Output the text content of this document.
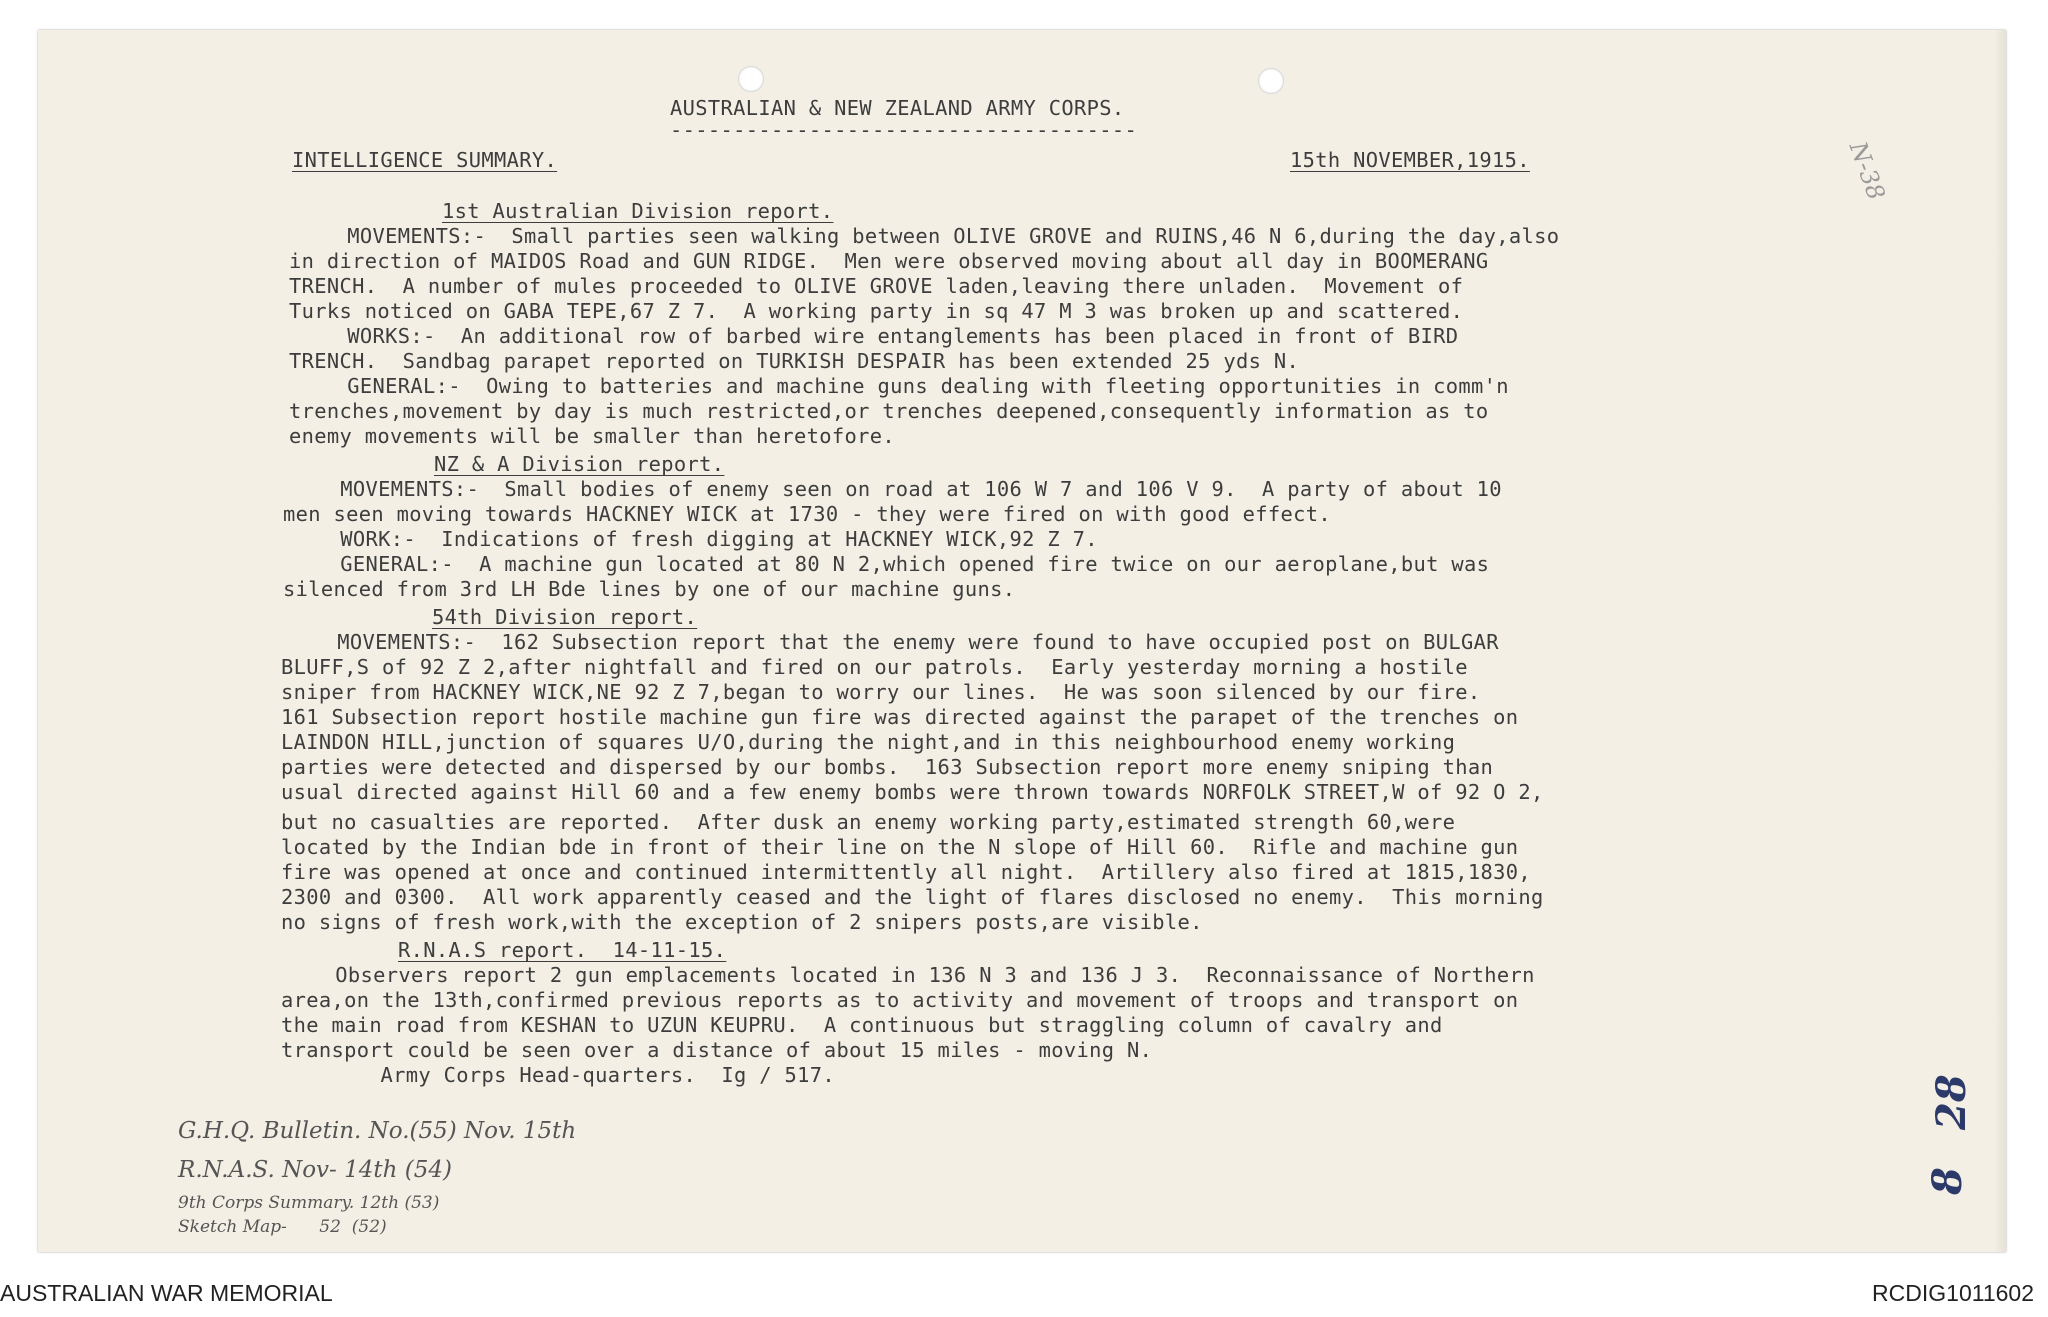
AUSTRALIAN & NEW ZEALAND ARMY CORPS.
-------------------------------------
INTELLIGENCE SUMMARY.	15th NOVEMBER,1915.
1st Australian Division report.
MOVEMENTS:-  Small parties seen walking between OLIVE GROVE and RUINS,46 N 6,during the day,also
in direction of MAIDOS Road and GUN RIDGE.  Men were observed moving about all day in BOOMERANG
TRENCH.  A number of mules proceeded to OLIVE GROVE laden,leaving there unladen.  Movement of
Turks noticed on GABA TEPE,67 Z 7.  A working party in sq 47 M 3 was broken up and scattered.
WORKS:-  An additional row of barbed wire entanglements has been placed in front of BIRD
TRENCH.  Sandbag parapet reported on TURKISH DESPAIR has been extended 25 yds N.
GENERAL:-  Owing to batteries and machine guns dealing with fleeting opportunities in comm'n
trenches,movement by day is much restricted,or trenches deepened,consequently information as to
enemy movements will be smaller than heretofore.
NZ & A Division report.
MOVEMENTS:-  Small bodies of enemy seen on road at 106 W 7 and 106 V 9.  A party of about 10
men seen moving towards HACKNEY WICK at 1730 - they were fired on with good effect.
WORK:-  Indications of fresh digging at HACKNEY WICK,92 Z 7.
GENERAL:-  A machine gun located at 80 N 2,which opened fire twice on our aeroplane,but was
silenced from 3rd LH Bde lines by one of our machine guns.
54th Division report.
MOVEMENTS:-  162 Subsection report that the enemy were found to have occupied post on BULGAR
BLUFF,S of 92 Z 2,after nightfall and fired on our patrols.  Early yesterday morning a hostile
sniper from HACKNEY WICK,NE 92 Z 7,began to worry our lines.  He was soon silenced by our fire.
161 Subsection report hostile machine gun fire was directed against the parapet of the trenches on
LAINDON HILL,junction of squares U/O,during the night,and in this neighbourhood enemy working
parties were detected and dispersed by our bombs.  163 Subsection report more enemy sniping than
usual directed against Hill 60 and a few enemy bombs were thrown towards NORFOLK STREET,W of 92 O 2,
but no casualties are reported.  After dusk an enemy working party,estimated strength 60,were
located by the Indian bde in front of their line on the N slope of Hill 60.  Rifle and machine gun
fire was opened at once and continued intermittently all night.  Artillery also fired at 1815,1830,
2300 and 0300.  All work apparently ceased and the light of flares disclosed no enemy.  This morning
no signs of fresh work,with the exception of 2 snipers posts,are visible.
R.N.A.S report.  14-11-15.
Observers report 2 gun emplacements located in 136 N 3 and 136 J 3.  Reconnaissance of Northern
area,on the 13th,confirmed previous reports as to activity and movement of troops and transport on
the main road from KESHAN to UZUN KEUPRU.  A continuous but straggling column of cavalry and
transport could be seen over a distance of about 15 miles - moving N.
Army Corps Head-quarters.  Ig / 517.
G.H.Q. Bulletin. No.(55) Nov. 15th
R.N.A.S. Nov- 14th (54)
9th Corps Summary. 12th (53)
Sketch Map-      52  (52)
28
8
N-38
AUSTRALIAN WAR MEMORIAL	RCDIG1011602
